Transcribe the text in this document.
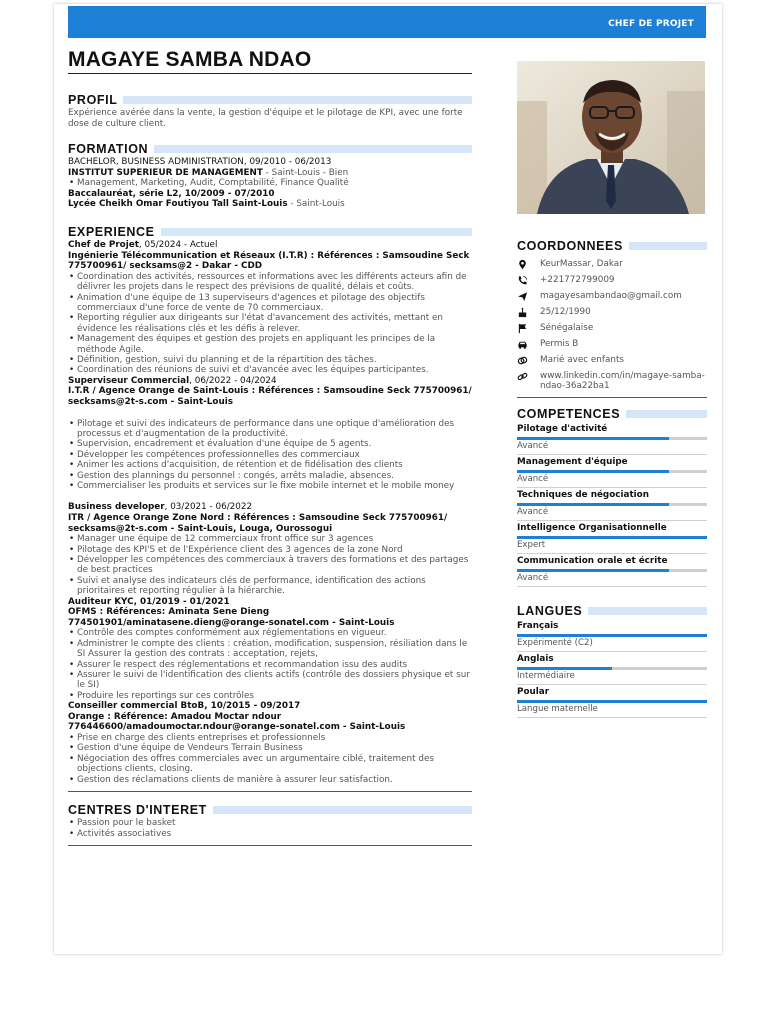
CHEF DE PROJET
MAGAYE SAMBA NDAO
PROFIL
Expérience avérée dans la vente, la gestion d'équipe et le pilotage de KPI, avec une forte dose de culture client.
FORMATION
BACHELOR, BUSINESS ADMINISTRATION, 09/2010 - 06/2013
INSTITUT SUPERIEUR DE MANAGEMENT - Saint-Louis - Bien
• Management, Marketing, Audit, Comptabilité, Finance Qualité
Baccalauréat, série L2, 10/2009 - 07/2010
Lycée Cheikh Omar Foutiyou Tall Saint-Louis - Saint-Louis
EXPERIENCE
Chef de Projet, 05/2024 - Actuel
Ingénierie Télécommunication et Réseaux (I.T.R) : Références : Samsoudine Seck 775700961/ secksams@2 - Dakar - CDD
• Coordination des activités, ressources et informations avec les différents acteurs afin de délivrer les projets dans le respect des prévisions de qualité, délais et coûts.
• Animation d'une équipe de 13 superviseurs d'agences et pilotage des objectifs commerciaux d'une force de vente de 70 commerciaux.
• Reporting régulier aux dirigeants sur l'état d'avancement des activités, mettant en évidence les réalisations clés et les défis à relever.
• Management des équipes et gestion des projets en appliquant les principes de la méthode Agile.
• Définition, gestion, suivi du planning et de la répartition des tâches.
• Coordination des réunions de suivi et d'avancée avec les équipes participantes.
Superviseur Commercial, 06/2022 - 04/2024
I.T.R / Agence Orange de Saint-Louis : Références : Samsoudine Seck 775700961/ secksams@2t-s.com - Saint-Louis
• Pilotage et suivi des indicateurs de performance dans une optique d'amélioration des processus et d'augmentation de la productivité.
• Supervision, encadrement et évaluation d'une équipe de 5 agents.
• Développer les compétences professionnelles des commerciaux
• Animer les actions d'acquisition, de rétention et de fidélisation des clients
• Gestion des plannings du personnel : congés, arrêts maladie, absences.
• Commercialiser les produits et services sur le fixe mobile internet et le mobile money
Business developer, 03/2021 - 06/2022
ITR / Agence Orange Zone Nord : Références : Samsoudine Seck 775700961/ secksams@2t-s.com - Saint-Louis, Louga, Ourossogui
• Manager une équipe de 12 commerciaux front office sur 3 agences
• Pilotage des KPI'S et de l'Expérience client des 3 agences de la zone Nord
• Développer les compétences des commerciaux à travers des formations et des partages de best practices
• Suivi et analyse des indicateurs clés de performance, identification des actions prioritaires et reporting régulier à la hiérarchie.
Auditeur KYC, 01/2019 - 01/2021
OFMS : Références: Aminata Sene Dieng 774501901/aminatasene.dieng@orange-sonatel.com - Saint-Louis
• Contrôle des comptes conformément aux réglementations en vigueur.
• Administrer le compte des clients : création, modification, suspension, résiliation dans le SI Assurer la gestion des contrats : acceptation, rejets,
• Assurer le respect des réglementations et recommandation issu des audits
• Assurer le suivi de l'identification des clients actifs (contrôle des dossiers physique et sur le SI)
• Produire les reportings sur ces contrôles
Conseiller commercial BtoB, 10/2015 - 09/2017
Orange : Référence: Amadou Moctar ndour 776446600/amadoumoctar.ndour@orange-sonatel.com - Saint-Louis
• Prise en charge des clients entreprises et professionnels
• Gestion d'une équipe de Vendeurs Terrain Business
• Négociation des offres commerciales avec un argumentaire ciblé, traitement des objections clients, closing.
• Gestion des réclamations clients de manière à assurer leur satisfaction.
CENTRES D'INTERET
• Passion pour le basket
• Activités associatives
COORDONNEES
KeurMassar, Dakar
+221772799009
magayesambandao@gmail.com
25/12/1990
Sénégalaise
Permis B
Marié avec enfants
www.linkedin.com/in/magaye-samba-ndao-36a22ba1
COMPETENCES
Pilotage d'activité
Avancé
Management d'équipe
Avancé
Techniques de négociation
Avancé
Intelligence Organisationnelle
Expert
Communication orale et écrite
Avancé
LANGUES
Français
Expérimenté (C2)
Anglais
Intermédiaire
Poular
Langue maternelle
